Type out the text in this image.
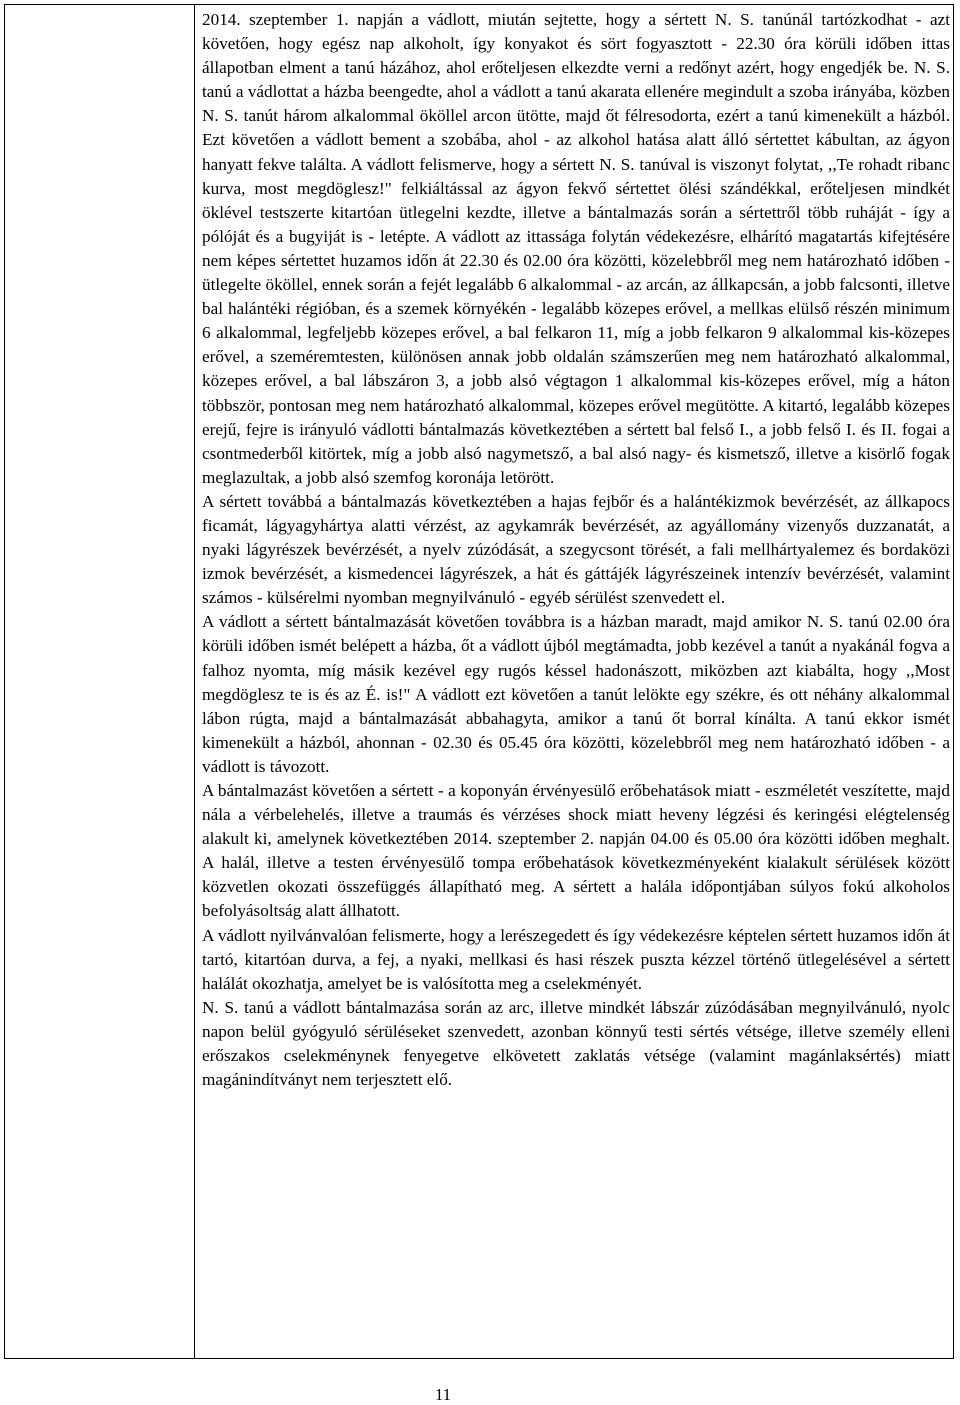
2014. szeptember 1. napján a vádlott, miután sejtette, hogy a sértett N. S. tanúnál tartózkodhat - azt követően, hogy egész nap alkoholt, így konyakot és sört fogyasztott - 22.30 óra körüli időben ittas állapotban elment a tanú házához, ahol erőteljesen elkezdte verni a redőnyt azért, hogy engedjék be. N. S. tanú a vádlottat a házba beengedte, ahol a vádlott a tanú akarata ellenére megindult a szoba irányába, közben N. S. tanút három alkalommal ököllel arcon ütötte, majd őt félresodorta, ezért a tanú kimenekült a házból. Ezt követően a vádlott bement a szobába, ahol - az alkohol hatása alatt álló sértettet kábultan, az ágyon hanyatt fekve találta. A vádlott felismerve, hogy a sértett N. S. tanúval is viszonyt folytat, ,,Te rohadt ribanc kurva, most megdöglesz!" felkiáltással az ágyon fekvő sértettet ölési szándékkal, erőteljesen mindkét öklével testszerte kitartóan ütlegelni kezdte, illetve a bántalmazás során a sértettről több ruháját - így a pólóját és a bugyiját is - letépte. A vádlott az ittassága folytán védekezésre, elhárító magatartás kifejtésére nem képes sértettet huzamos időn át 22.30 és 02.00 óra közötti, közelebbről meg nem határozható időben - ütlegelte ököllel, ennek során a fejét legalább 6 alkalommal - az arcán, az állkapcsán, a jobb falcsonti, illetve bal halántéki régióban, és a szemek környékén - legalább közepes erővel, a mellkas elülső részén minimum 6 alkalommal, legfeljebb közepes erővel, a bal felkaron 11, míg a jobb felkaron 9 alkalommal kis-közepes erővel, a szeméremtesten, különösen annak jobb oldalán számszerűen meg nem határozható alkalommal, közepes erővel, a bal lábszáron 3, a jobb alsó végtagon 1 alkalommal kis-közepes erővel, míg a háton többször, pontosan meg nem határozható alkalommal, közepes erővel megütötte. A kitartó, legalább közepes erejű, fejre is irányuló vádlotti bántalmazás következtében a sértett bal felső I., a jobb felső I. és II. fogai a csontmederből kitörtek, míg a jobb alsó nagymetsző, a bal alsó nagy- és kismetsző, illetve a kisörlő fogak meglazultak, a jobb alsó szemfog koronája letörött.

A sértett továbbá a bántalmazás következtében a hajas fejbőr és a halántékizmok bevérzését, az állkapocs ficamát, lágyagyhártya alatti vérzést, az agykamrák bevérzését, az agyállomány vizenyős duzzanatát, a nyaki lágyrészek bevérzését, a nyelv zúzódását, a szegycsont törését, a fali mellhártyalemez és bordaközi izmok bevérzését, a kismedencei lágyrészek, a hát és gáttájék lágyrészeinek intenzív bevérzését, valamint számos - külsérelmi nyomban megnyilvánuló - egyéb sérülést szenvedett el.

A vádlott a sértett bántalmazását követően továbbra is a házban maradt, majd amikor N. S. tanú 02.00 óra körüli időben ismét belépett a házba, őt a vádlott újból megtámadta, jobb kezével a tanút a nyakánál fogva a falhoz nyomta, míg másik kezével egy rugós késsel hadonászott, miközben azt kiabálta, hogy ,,Most megdöglesz te is és az É. is!" A vádlott ezt követően a tanút lelökte egy székre, és ott néhány alkalommal lábon rúgta, majd a bántalmazását abbahagyta, amikor a tanú őt borral kínálta. A tanú ekkor ismét kimenekült a házból, ahonnan - 02.30 és 05.45 óra közötti, közelebbről meg nem határozható időben - a vádlott is távozott.

A bántalmazást követően a sértett - a koponyán érvényesülő erőbehatások miatt - eszméletét veszítette, majd nála a vérbelehelés, illetve a traumás és vérzéses shock miatt heveny légzési és keringési elégtelenség alakult ki, amelynek következtében 2014. szeptember 2. napján 04.00 és 05.00 óra közötti időben meghalt. A halál, illetve a testen érvényesülő tompa erőbehatások következményeként kialakult sérülések között közvetlen okozati összefüggés állapítható meg. A sértett a halála időpontjában súlyos fokú alkoholos befolyásoltság alatt állhatott.

A vádlott nyilvánvalóan felismerte, hogy a lerészegedett és így védekezésre képtelen sértett huzamos időn át tartó, kitartóan durva, a fej, a nyaki, mellkasi és hasi részek puszta kézzel történő ütlegelésével a sértett halálát okozhatja, amelyet be is valósította meg a cselekményét.

N. S. tanú a vádlott bántalmazása során az arc, illetve mindkét lábszár zúzódásában megnyilvánuló, nyolc napon belül gyógyuló sérüléseket szenvedett, azonban könnyű testi sértés vétsége, illetve személy elleni erőszakos cselekménynek fenyegetve elkövetett zaklatás vétsége (valamint magánlaksértés) miatt magánindítványt nem terjesztett elő.

11
